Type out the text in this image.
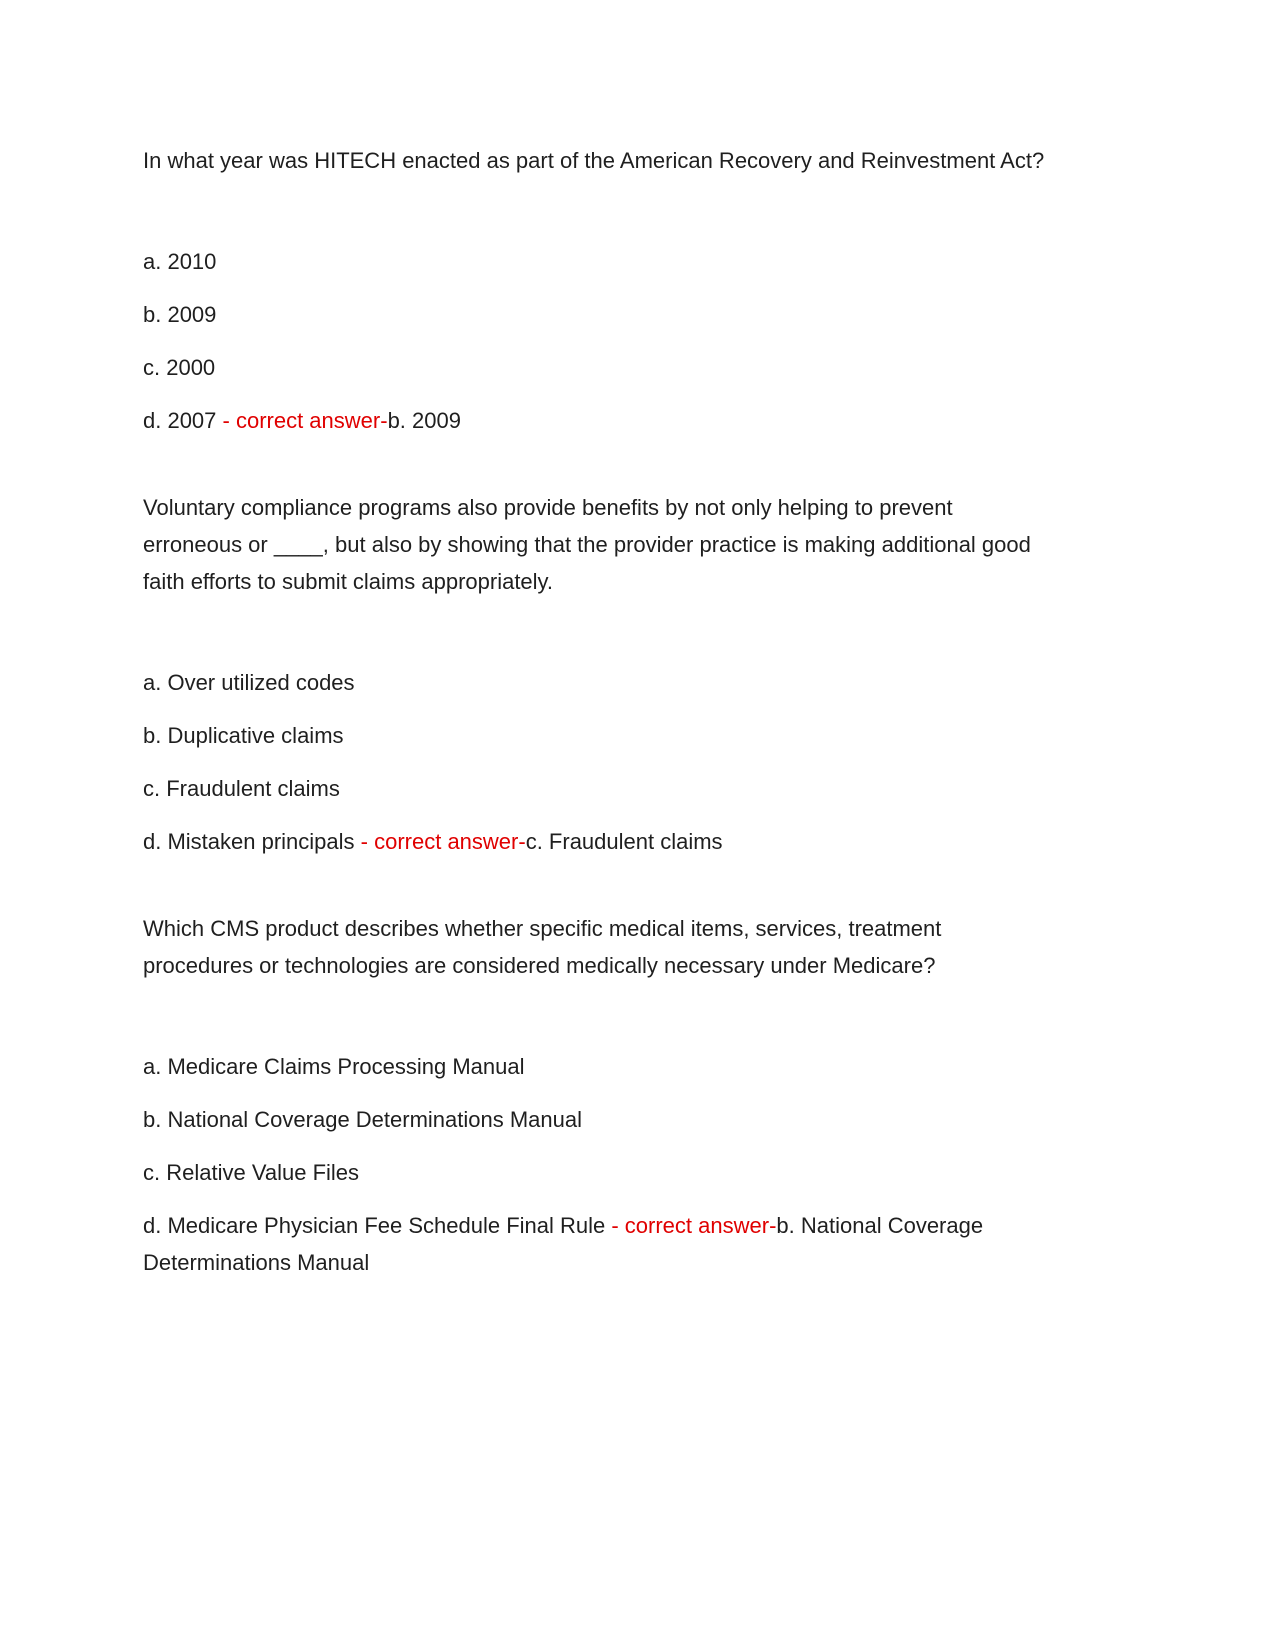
In what year was HITECH enacted as part of the American Recovery and Reinvestment Act?

a. 2010

b. 2009

c. 2000

d. 2007 - correct answer-b. 2009

Voluntary compliance programs also provide benefits by not only helping to prevent erroneous or ____, but also by showing that the provider practice is making additional good faith efforts to submit claims appropriately.

a. Over utilized codes

b. Duplicative claims

c. Fraudulent claims

d. Mistaken principals - correct answer-c. Fraudulent claims

Which CMS product describes whether specific medical items, services, treatment procedures or technologies are considered medically necessary under Medicare?

a. Medicare Claims Processing Manual

b. National Coverage Determinations Manual

c. Relative Value Files

d. Medicare Physician Fee Schedule Final Rule - correct answer-b. National Coverage Determinations Manual
